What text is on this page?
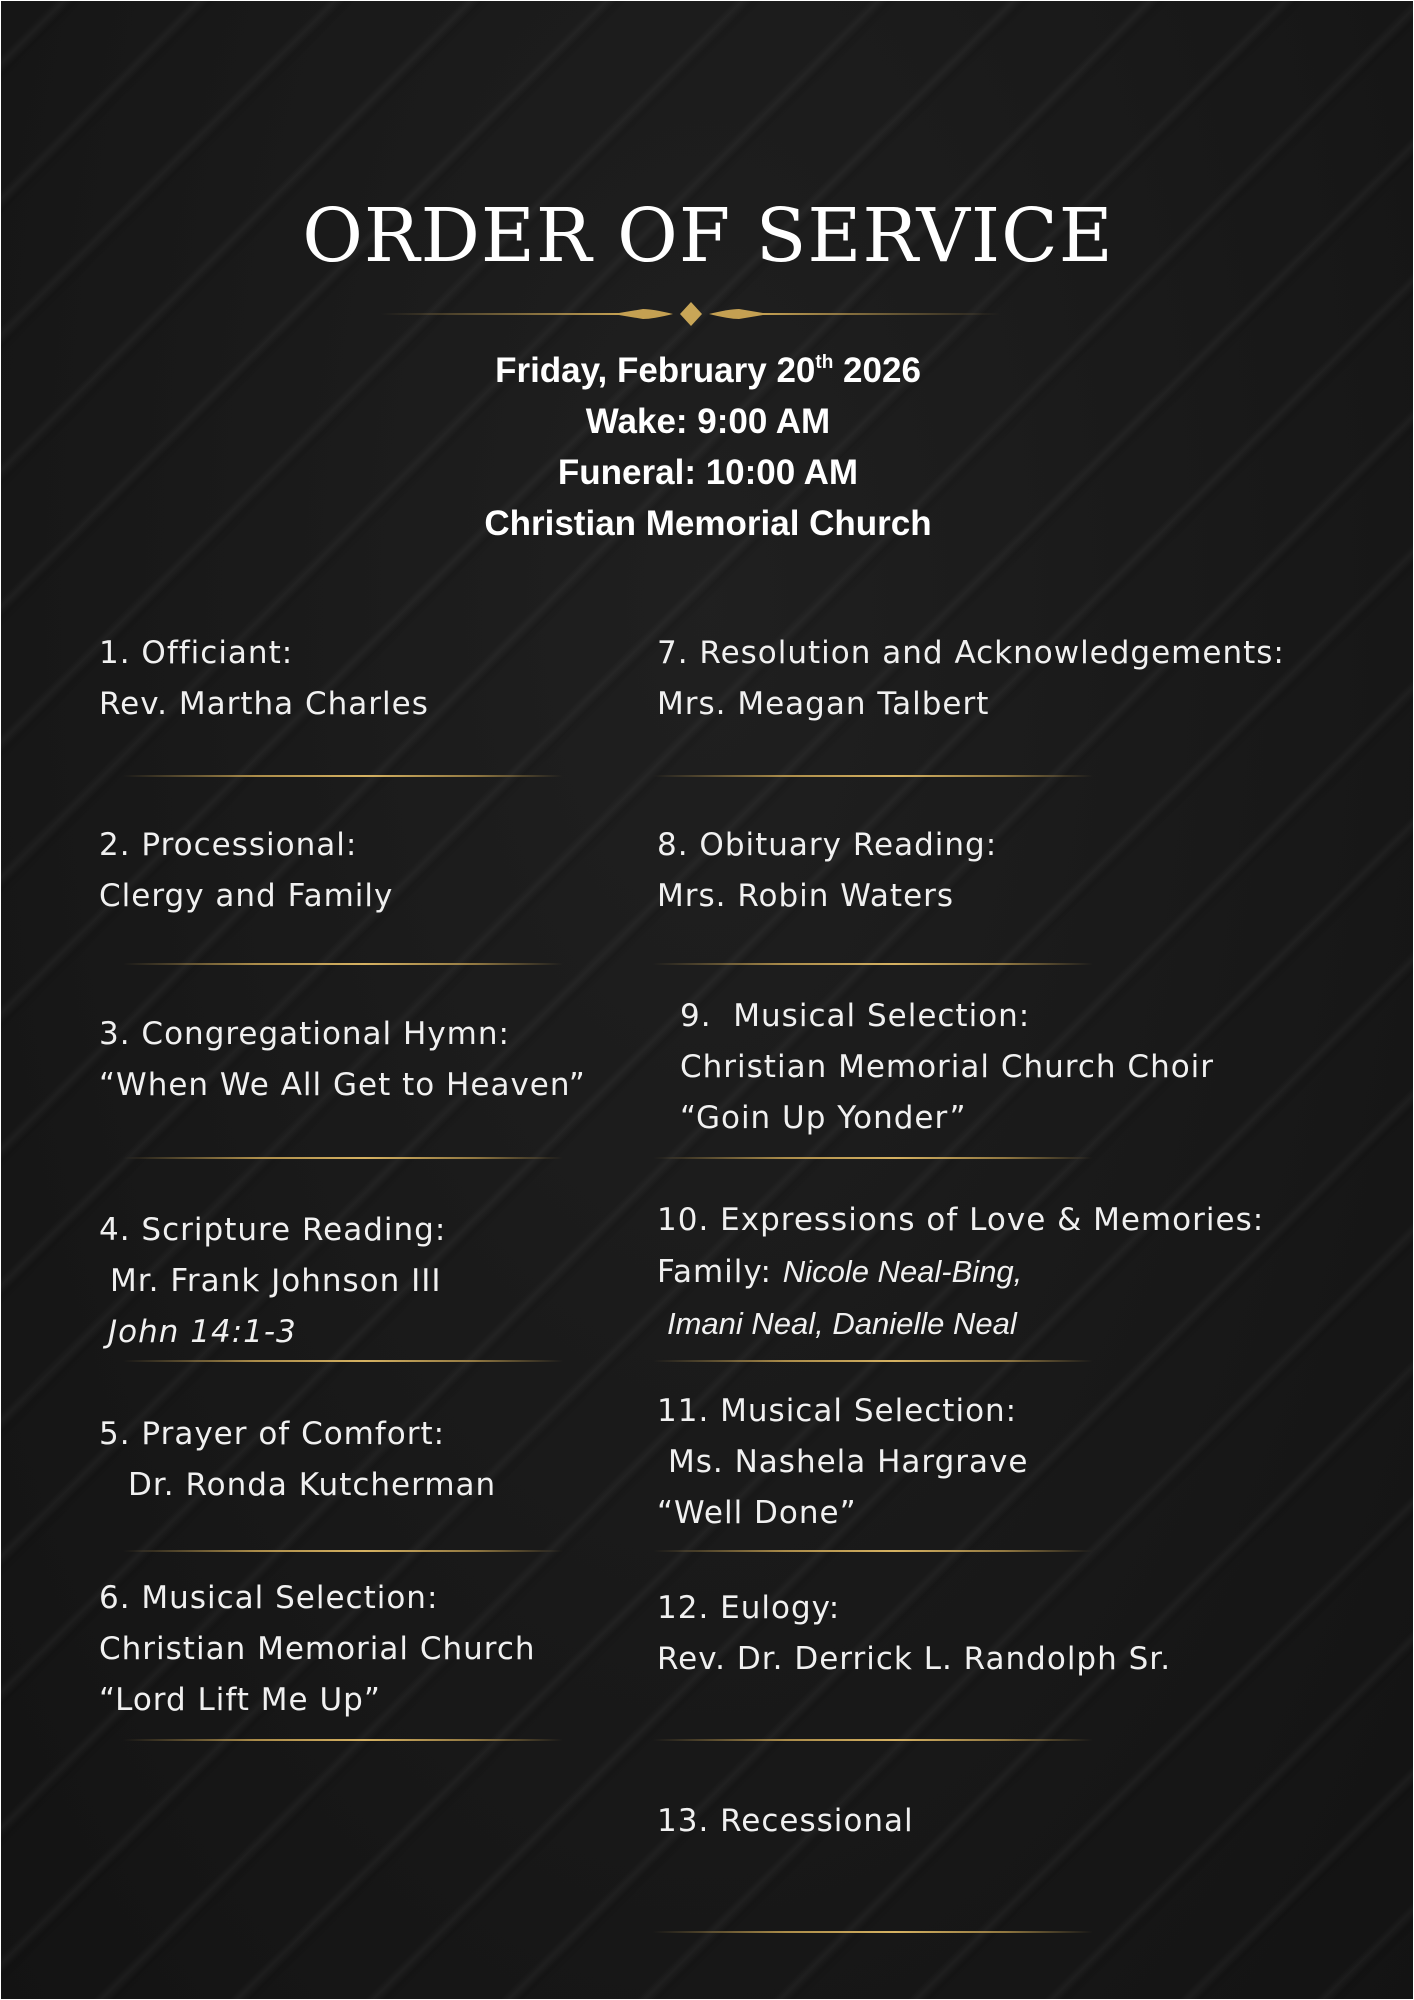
ORDER OF SERVICE
Friday, February 20th 2026
Wake: 9:00 AM
Funeral: 10:00 AM
Christian Memorial Church
1. Officiant:
Rev. Martha Charles
2. Processional:
Clergy and Family
3. Congregational Hymn:
“When We All Get to Heaven”
4. Scripture Reading:
Mr. Frank Johnson III
John 14:1-3
5. Prayer of Comfort:
Dr. Ronda Kutcherman
6. Musical Selection:
Christian Memorial Church
“Lord Lift Me Up”
7. Resolution and Acknowledgements:
Mrs. Meagan Talbert
8. Obituary Reading:
Mrs. Robin Waters
9.  Musical Selection:
Christian Memorial Church Choir
“Goin Up Yonder”
10. Expressions of Love & Memories:
Family: Nicole Neal-Bing,
Imani Neal, Danielle Neal
11. Musical Selection:
Ms. Nashela Hargrave
“Well Done”
12. Eulogy:
Rev. Dr. Derrick L. Randolph Sr.
13. Recessional
